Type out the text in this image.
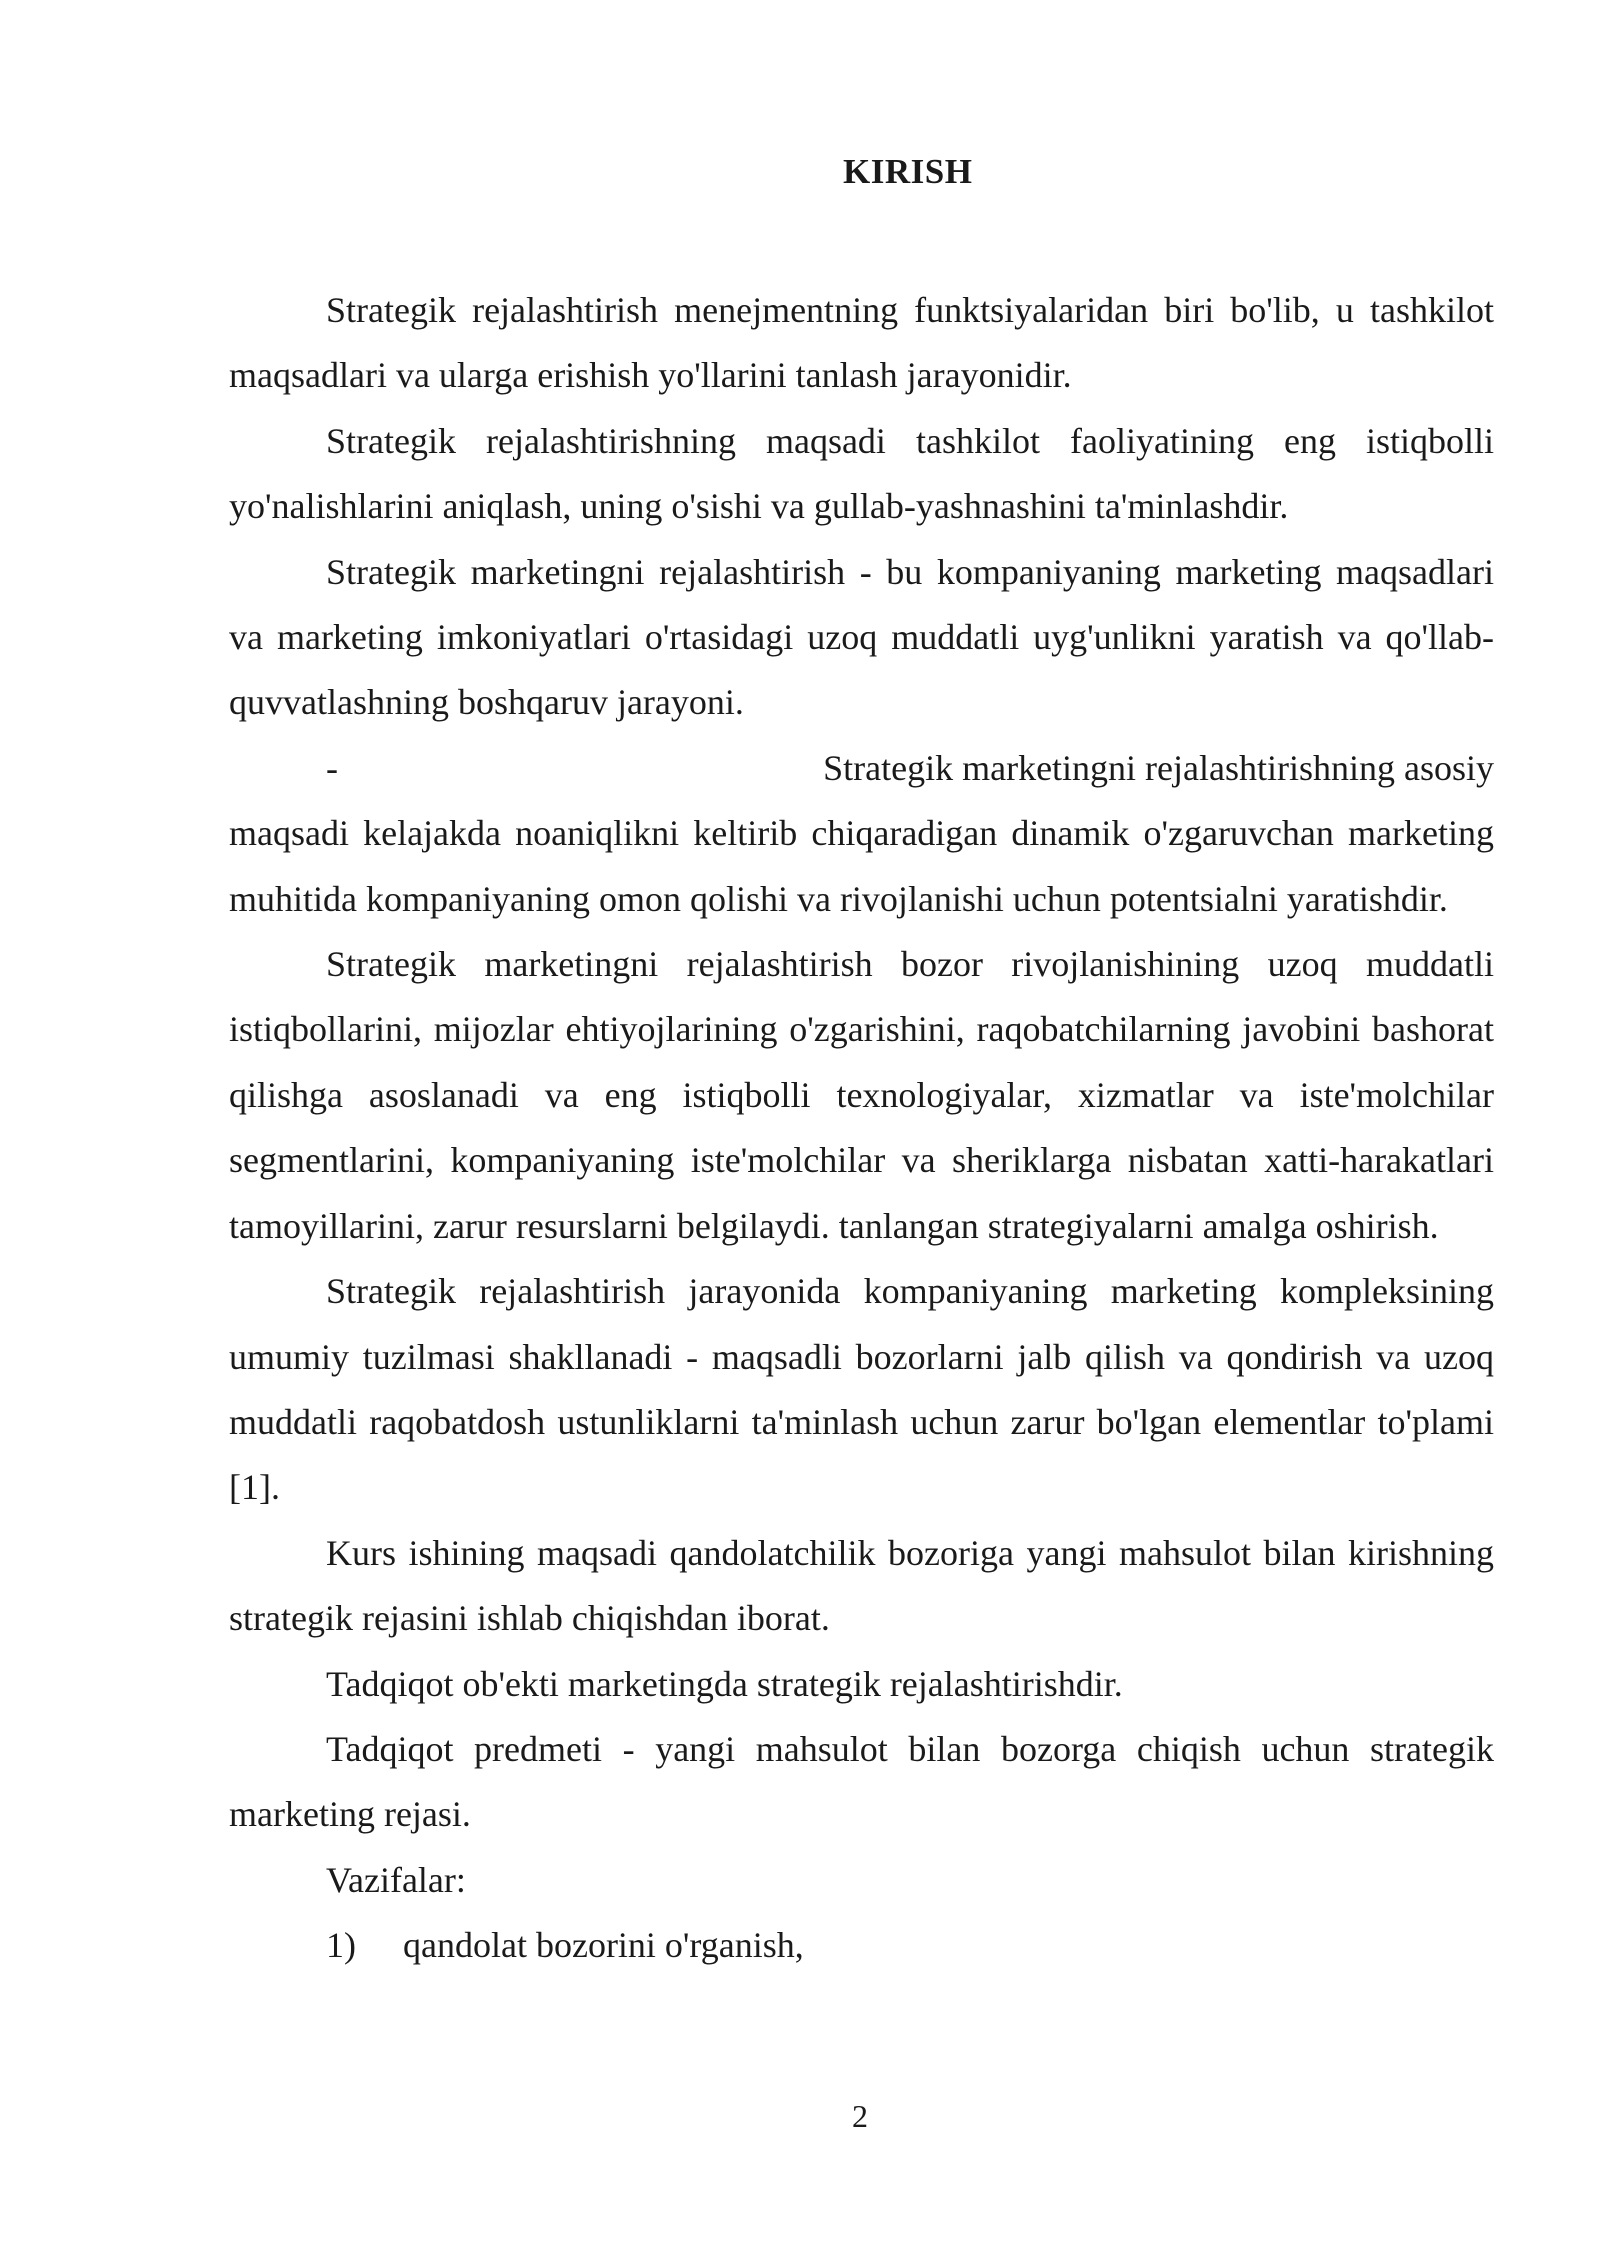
KIRISH

Strategik rejalashtirish menejmentning funktsiyalaridan biri bo'lib, u tashkilot maqsadlari va ularga erishish yo'llarini tanlash jarayonidir.

Strategik rejalashtirishning maqsadi tashkilot faoliyatining eng istiqbolli yo'nalishlarini aniqlash, uning o'sishi va gullab-yashnashini ta'minlashdir.

Strategik marketingni rejalashtirish - bu kompaniyaning marketing maqsadlari va marketing imkoniyatlari o'rtasidagi uzoq muddatli uyg'unlikni yaratish va qo'llab-quvvatlashning boshqaruv jarayoni.

-	Strategik marketingni rejalashtirishning asosiy

maqsadi kelajakda noaniqlikni keltirib chiqaradigan dinamik o'zgaruvchan marketing muhitida kompaniyaning omon qolishi va rivojlanishi uchun potentsialni yaratishdir.

Strategik marketingni rejalashtirish bozor rivojlanishining uzoq muddatli istiqbollarini, mijozlar ehtiyojlarining o'zgarishini, raqobatchilarning javobini bashorat qilishga asoslanadi va eng istiqbolli texnologiyalar, xizmatlar va iste'molchilar segmentlarini, kompaniyaning iste'molchilar va sheriklarga nisbatan xatti-harakatlari tamoyillarini, zarur resurslarni belgilaydi. tanlangan strategiyalarni amalga oshirish.

Strategik rejalashtirish jarayonida kompaniyaning marketing kompleksining umumiy tuzilmasi shakllanadi - maqsadli bozorlarni jalb qilish va qondirish va uzoq muddatli raqobatdosh ustunliklarni ta'minlash uchun zarur bo'lgan elementlar to'plami [1].

Kurs ishining maqsadi qandolatchilik bozoriga yangi mahsulot bilan kirishning strategik rejasini ishlab chiqishdan iborat.

Tadqiqot ob'ekti marketingda strategik rejalashtirishdir.

Tadqiqot predmeti - yangi mahsulot bilan bozorga chiqish uchun strategik marketing rejasi.

Vazifalar:

1) qandolat bozorini o'rganish,

2
